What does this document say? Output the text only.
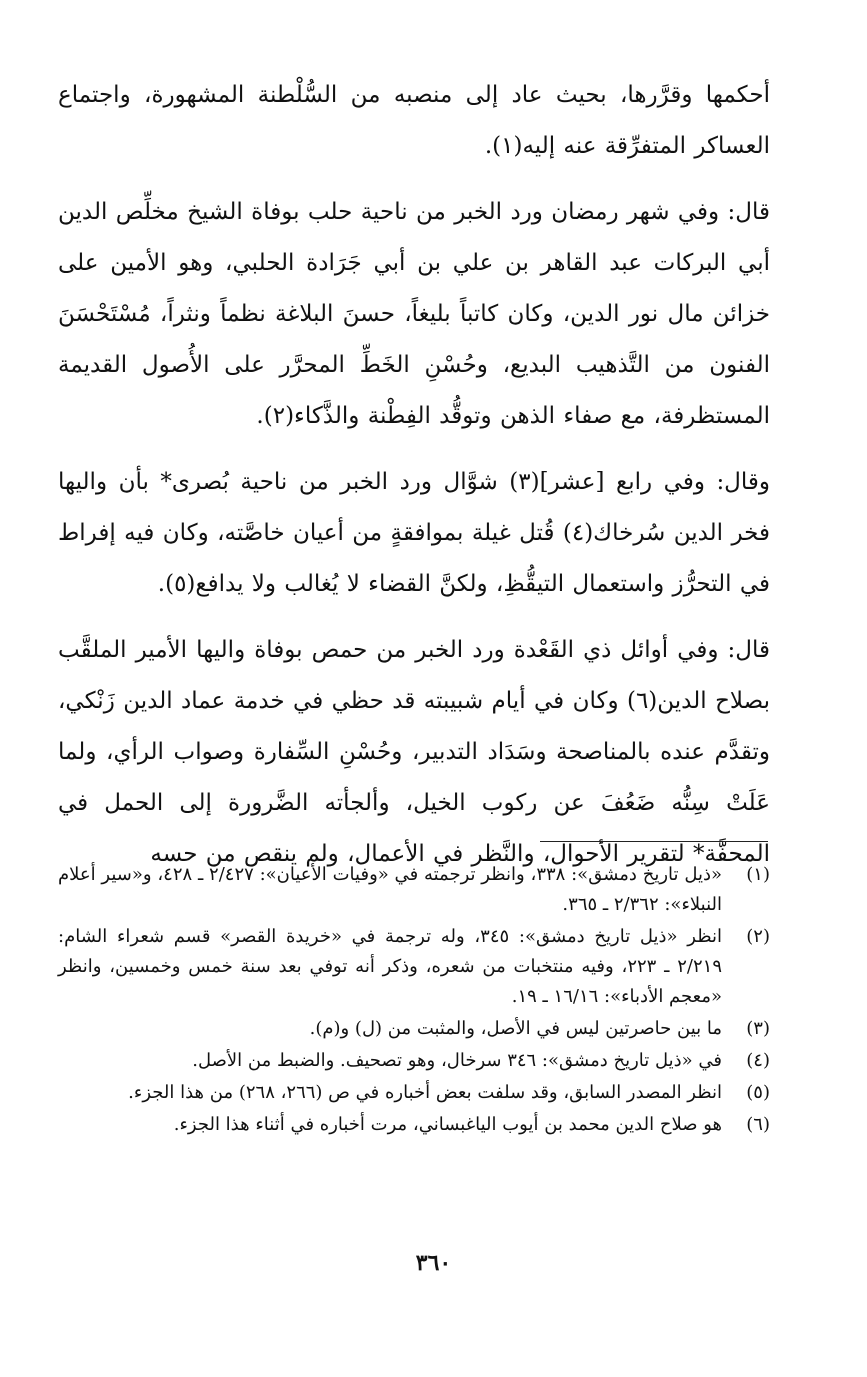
أحكمها وقرَّرها، بحيث عاد إلى منصبه من السُّلْطنة المشهورة، واجتماع العساكر المتفرِّقة عنه إليه(١).

قال: وفي شهر رمضان ورد الخبر من ناحية حلب بوفاة الشيخ مخلِّص الدين أبي البركات عبد القاهر بن علي بن أبي جَرَادة الحلبي، وهو الأمين على خزائن مال نور الدين، وكان كاتباً بليغاً، حسنَ البلاغة نظماً ونثراً، مُسْتَحْسَنَ الفنون من التَّذهيب البديع، وحُسْنِ الخَطِّ المحرَّر على الأُصول القديمة المستظرفة، مع صفاء الذهن وتوقُّد الفِطْنة والذَّكاء(٢).

وقال: وفي رابع [عشر](٣) شوَّال ورد الخبر من ناحية بُصرى* بأن واليها فخر الدين سُرخاك(٤) قُتل غيلة بموافقةٍ من أعيان خاصَّته، وكان فيه إفراط في التحرُّز واستعمال التيقُّظِ، ولكنَّ القضاء لا يُغالب ولا يدافع(٥).

قال: وفي أوائل ذي القَعْدة ورد الخبر من حمص بوفاة واليها الأمير الملقَّب بصلاح الدين(٦) وكان في أيام شبيبته قد حظي في خدمة عماد الدين زَنْكي، وتقدَّم عنده بالمناصحة وسَدَاد التدبير، وحُسْنِ السِّفارة وصواب الرأي، ولما عَلَتْ سِنُّه ضَعُفَ عن ركوب الخيل، وألجأته الضَّرورة إلى الحمل في المحفَّة* لتقرير الأحوال، والنَّظر في الأعمال، ولم ينقص من حسه

(١)
«ذيل تاريخ دمشق»: ٣٣٨، وانظر ترجمته في «وفيات الأعيان»: ٢/٤٢٧ ـ ٤٢٨، و«سير أعلام النبلاء»: ٢/٣٦٢ ـ ٣٦٥.
(٢)
انظر «ذيل تاريخ دمشق»: ٣٤٥، وله ترجمة في «خريدة القصر» قسم شعراء الشام: ٢/٢١٩ ـ ٢٢٣، وفيه منتخبات من شعره، وذكر أنه توفي بعد سنة خمس وخمسين، وانظر «معجم الأدباء»: ١٦/١٦ ـ ١٩.
(٣)
ما بين حاصرتين ليس في الأصل، والمثبت من (ل) و(م).
(٤)
في «ذيل تاريخ دمشق»: ٣٤٦ سرخال، وهو تصحيف. والضبط من الأصل.
(٥)
انظر المصدر السابق، وقد سلفت بعض أخباره في ص (٢٦٦، ٢٦٨) من هذا الجزء.
(٦)
هو صلاح الدين محمد بن أيوب الياغبساني، مرت أخباره في أثناء هذا الجزء.
٣٦٠
